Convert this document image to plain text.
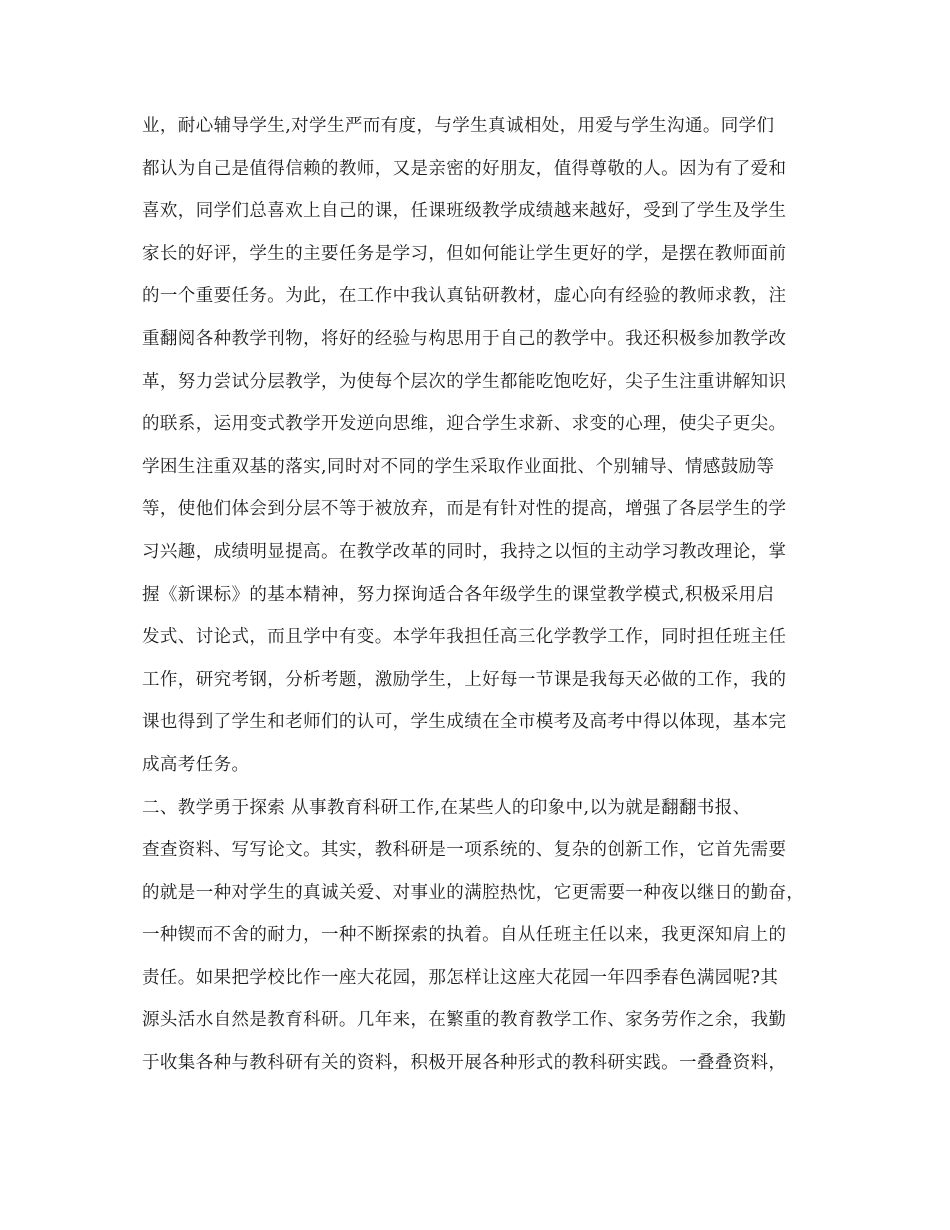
业，耐心辅导学生,对学生严而有度，与学生真诚相处，用爱与学生沟通。同学们
都认为自己是值得信赖的教师，又是亲密的好朋友，值得尊敬的人。因为有了爱和
喜欢，同学们总喜欢上自己的课，任课班级教学成绩越来越好，受到了学生及学生
家长的好评，学生的主要任务是学习，但如何能让学生更好的学，是摆在教师面前
的一个重要任务。为此，在工作中我认真钻研教材，虚心向有经验的教师求教，注
重翻阅各种教学刊物，将好的经验与构思用于自己的教学中。我还积极参加教学改
革，努力尝试分层教学，为使每个层次的学生都能吃饱吃好，尖子生注重讲解知识
的联系，运用变式教学开发逆向思维，迎合学生求新、求变的心理，使尖子更尖。
学困生注重双基的落实,同时对不同的学生采取作业面批、个别辅导、情感鼓励等
等，使他们体会到分层不等于被放弃，而是有针对性的提高，增强了各层学生的学
习兴趣，成绩明显提高。在教学改革的同时，我持之以恒的主动学习教改理论，掌
握《新课标》的基本精神，努力探询适合各年级学生的课堂教学模式,积极采用启
发式、讨论式，而且学中有变。本学年我担任高三化学教学工作，同时担任班主任
工作，研究考钢，分析考题，激励学生，上好每一节课是我每天必做的工作，我的
课也得到了学生和老师们的认可，学生成绩在全市模考及高考中得以体现，基本完
成高考任务。
二、教学勇于探索 从事教育科研工作,在某些人的印象中,以为就是翻翻书报、
查查资料、写写论文。其实，教科研是一项系统的、复杂的创新工作，它首先需要
的就是一种对学生的真诚关爱、对事业的满腔热忱，它更需要一种夜以继日的勤奋，
一种锲而不舍的耐力，一种不断探索的执着。自从任班主任以来，我更深知肩上的
责任。如果把学校比作一座大花园，那怎样让这座大花园一年四季春色满园呢?其
源头活水自然是教育科研。几年来，在繁重的教育教学工作、家务劳作之余，我勤
于收集各种与教科研有关的资料，积极开展各种形式的教科研实践。一叠叠资料，
